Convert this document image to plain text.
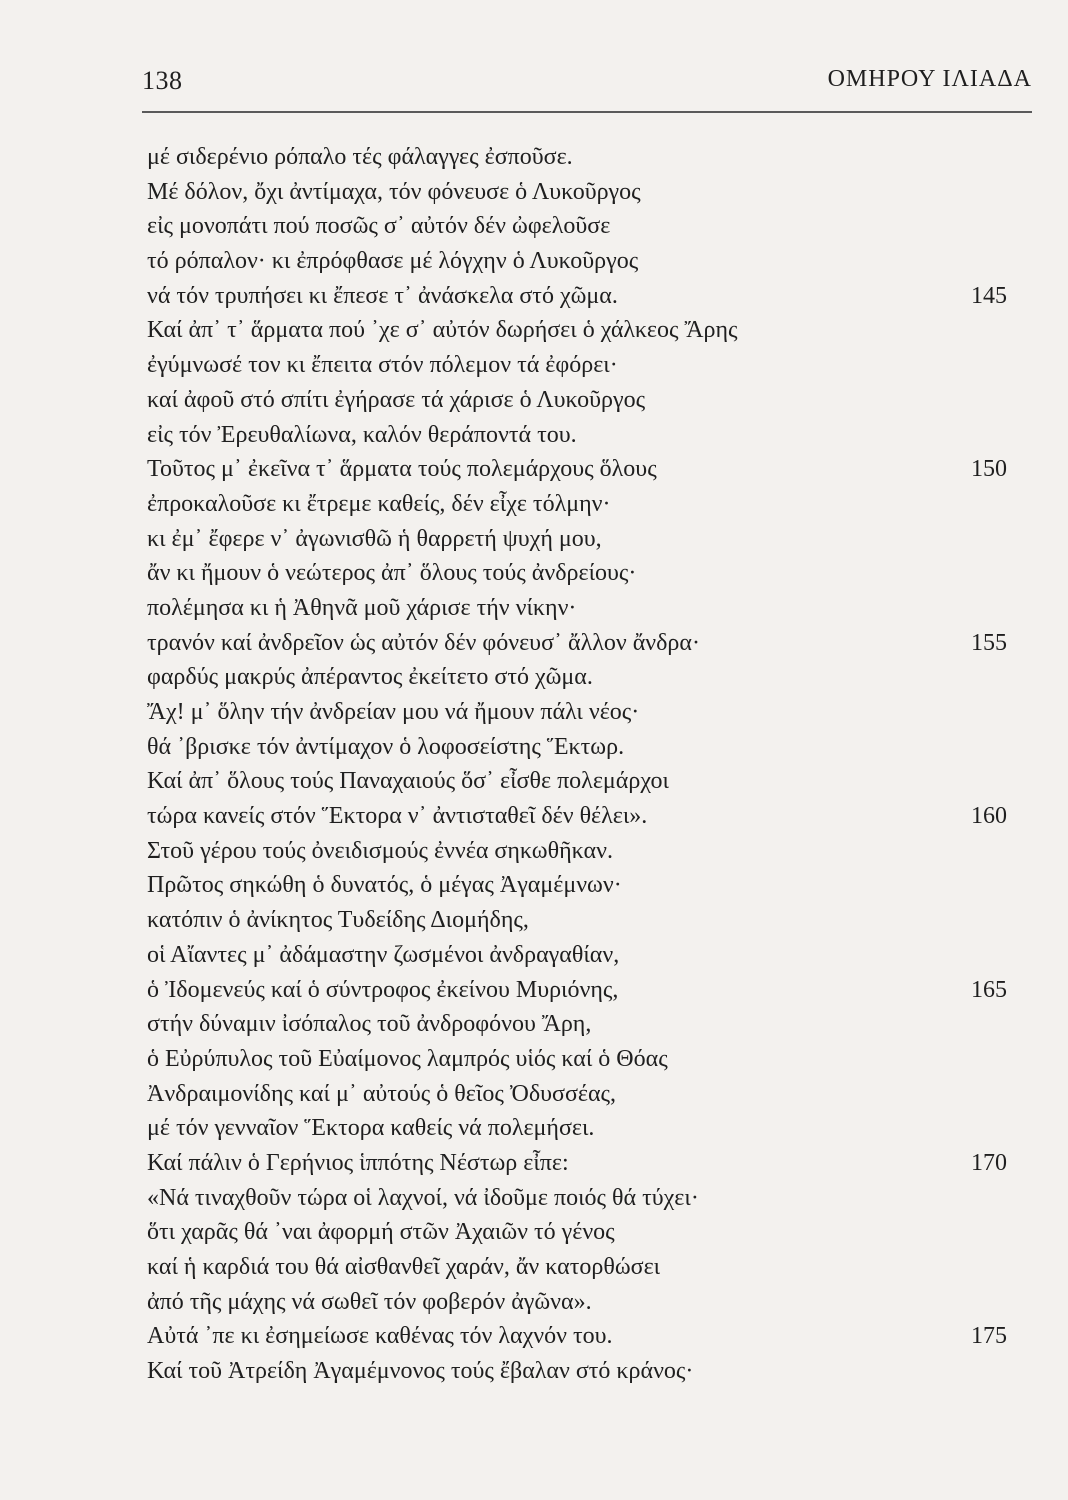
138	ΟΜΗΡΟΥ ΙΛΙΑΔΑ
μέ σιδερένιο ρόπαλο τές φάλαγγες ἐσποῦσε.
Μέ δόλον, ὄχι ἀντίμαχα, τόν φόνευσε ὁ Λυκοῦργος
εἰς μονοπάτι πού ποσῶς σ᾽ αὐτόν δέν ὠφελοῦσε
τό ρόπαλον· κι ἐπρόφθασε μέ λόγχην ὁ Λυκοῦργος
νά τόν τρυπήσει κι ἔπεσε τ᾽ ἀνάσκελα στό χῶμα.	145
Καί ἀπ᾽ τ᾽ ἅρματα πού ᾽χε σ᾽ αὐτόν δωρήσει ὁ χάλκεος Ἄρης
ἐγύμνωσέ τον κι ἔπειτα στόν πόλεμον τά ἐφόρει·
καί ἀφοῦ στό σπίτι ἐγήρασε τά χάρισε ὁ Λυκοῦργος
εἰς τόν Ἐρευθαλίωνα, καλόν θεράποντά του.
Τοῦτος μ᾽ ἐκεῖνα τ᾽ ἅρματα τούς πολεμάρχους ὅλους	150
ἐπροκαλοῦσε κι ἔτρεμε καθείς, δέν εἶχε τόλμην·
κι ἐμ᾽ ἔφερε ν᾽ ἀγωνισθῶ ἡ θαρρετή ψυχή μου,
ἄν κι ἤμουν ὁ νεώτερος ἀπ᾽ ὅλους τούς ἀνδρείους·
πολέμησα κι ἡ Ἀθηνᾶ μοῦ χάρισε τήν νίκην·
τρανόν καί ἀνδρεῖον ὡς αὐτόν δέν φόνευσ᾽ ἄλλον ἄνδρα·	155
φαρδύς μακρύς ἀπέραντος ἐκείτετο στό χῶμα.
Ἄχ! μ᾽ ὅλην τήν ἀνδρείαν μου νά ἤμουν πάλι νέος·
θά ᾽βρισκε τόν ἀντίμαχον ὁ λοφοσείστης Ἕκτωρ.
Καί ἀπ᾽ ὅλους τούς Παναχαιούς ὅσ᾽ εἶσθε πολεμάρχοι
τώρα κανείς στόν Ἕκτορα ν᾽ ἀντισταθεῖ δέν θέλει».	160
Στοῦ γέρου τούς ὀνειδισμούς ἐννέα σηκωθῆκαν.
Πρῶτος σηκώθη ὁ δυνατός, ὁ μέγας Ἀγαμέμνων·
κατόπιν ὁ ἀνίκητος Τυδείδης Διομήδης,
οἱ Αἴαντες μ᾽ ἀδάμαστην ζωσμένοι ἀνδραγαθίαν,
ὁ Ἰδομενεύς καί ὁ σύντροφος ἐκείνου Μυριόνης,	165
στήν δύναμιν ἰσόπαλος τοῦ ἀνδροφόνου Ἄρη,
ὁ Εὐρύπυλος τοῦ Εὐαίμονος λαμπρός υἱός καί ὁ Θόας
Ἀνδραιμονίδης καί μ᾽ αὐτούς ὁ θεῖος Ὀδυσσέας,
μέ τόν γενναῖον Ἕκτορα καθείς νά πολεμήσει.
Καί πάλιν ὁ Γερήνιος ἱππότης Νέστωρ εἶπε:	170
«Νά τιναχθοῦν τώρα οἱ λαχνοί, νά ἰδοῦμε ποιός θά τύχει·
ὅτι χαρᾶς θά ᾽ναι ἀφορμή στῶν Ἀχαιῶν τό γένος
καί ἡ καρδιά του θά αἰσθανθεῖ χαράν, ἄν κατορθώσει
ἀπό τῆς μάχης νά σωθεῖ τόν φοβερόν ἀγῶνα».
Αὐτά ᾽πε κι ἐσημείωσε καθένας τόν λαχνόν του.	175
Καί τοῦ Ἀτρείδη Ἀγαμέμνονος τούς ἔβαλαν στό κράνος·
